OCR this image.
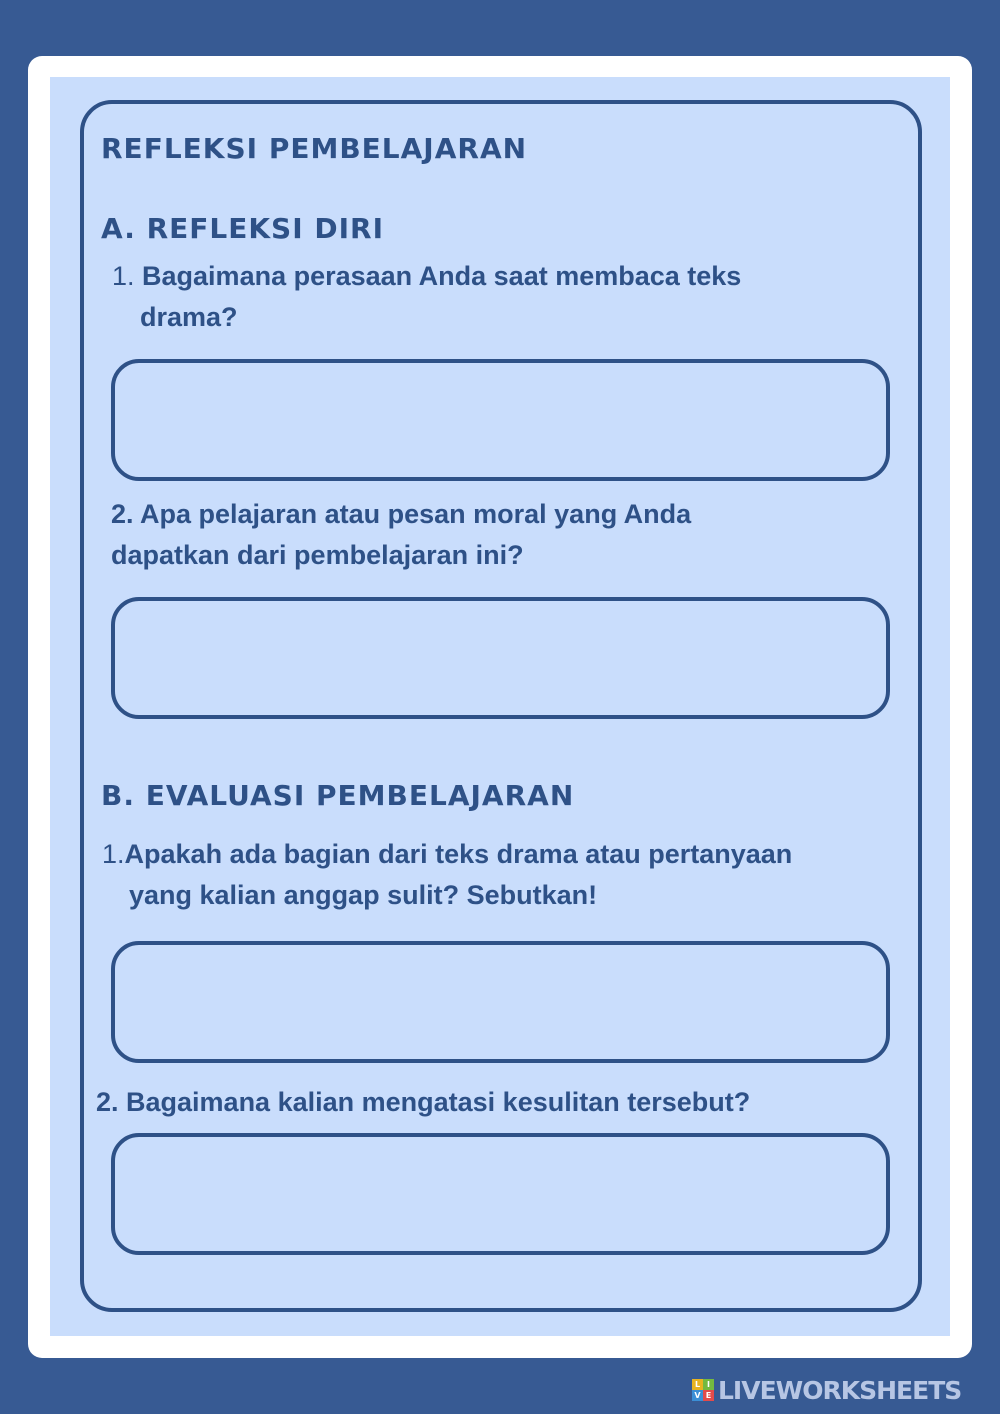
REFLEKSI PEMBELAJARAN
A. REFLEKSI DIRI
1. Bagaimana perasaan Anda saat membaca teks
drama?
2. Apa pelajaran atau pesan moral yang Anda
dapatkan dari pembelajaran ini?
B. EVALUASI PEMBELAJARAN
1.Apakah ada bagian dari teks drama atau pertanyaan
yang kalian anggap sulit? Sebutkan!
2. Bagaimana kalian mengatasi kesulitan tersebut?
L I
V E LIVEWORKSHEETS
